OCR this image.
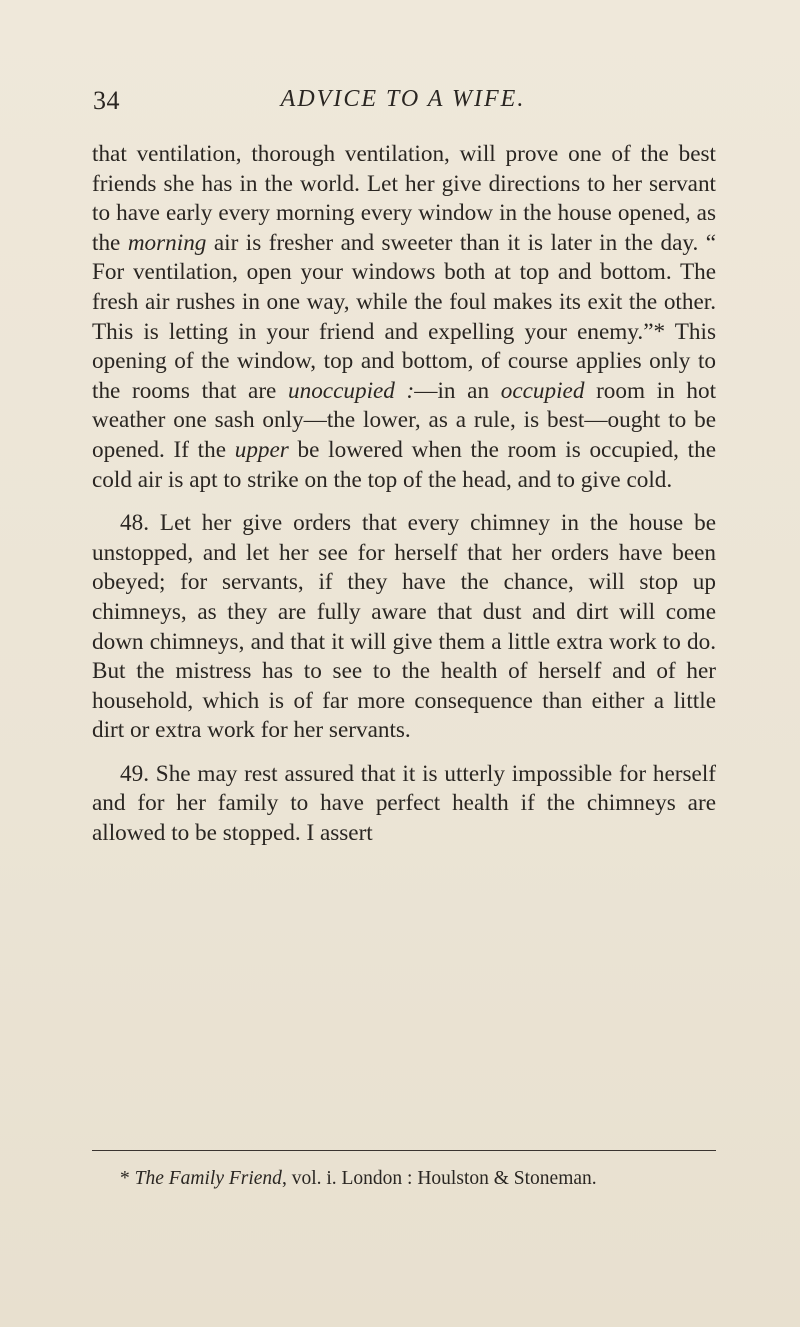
34	ADVICE TO A WIFE.

that ventilation, thorough ventilation, will prove one of the best friends she has in the world. Let her give directions to her servant to have early every morning every window in the house opened, as the morning air is fresher and sweeter than it is later in the day. “ For ventilation, open your windows both at top and bottom. The fresh air rushes in one way, while the foul makes its exit the other. This is letting in your friend and expelling your enemy.”* This opening of the window, top and bottom, of course applies only to the rooms that are unoccupied :—in an occupied room in hot weather one sash only—the lower, as a rule, is best—ought to be opened. If the upper be lowered when the room is occupied, the cold air is apt to strike on the top of the head, and to give cold.

48. Let her give orders that every chimney in the house be unstopped, and let her see for herself that her orders have been obeyed; for servants, if they have the chance, will stop up chimneys, as they are fully aware that dust and dirt will come down chimneys, and that it will give them a little extra work to do. But the mistress has to see to the health of herself and of her household, which is of far more consequence than either a little dirt or extra work for her servants.

49. She may rest assured that it is utterly impossible for herself and for her family to have perfect health if the chimneys are allowed to be stopped. I assert

* The Family Friend, vol. i. London : Houlston & Stoneman.
